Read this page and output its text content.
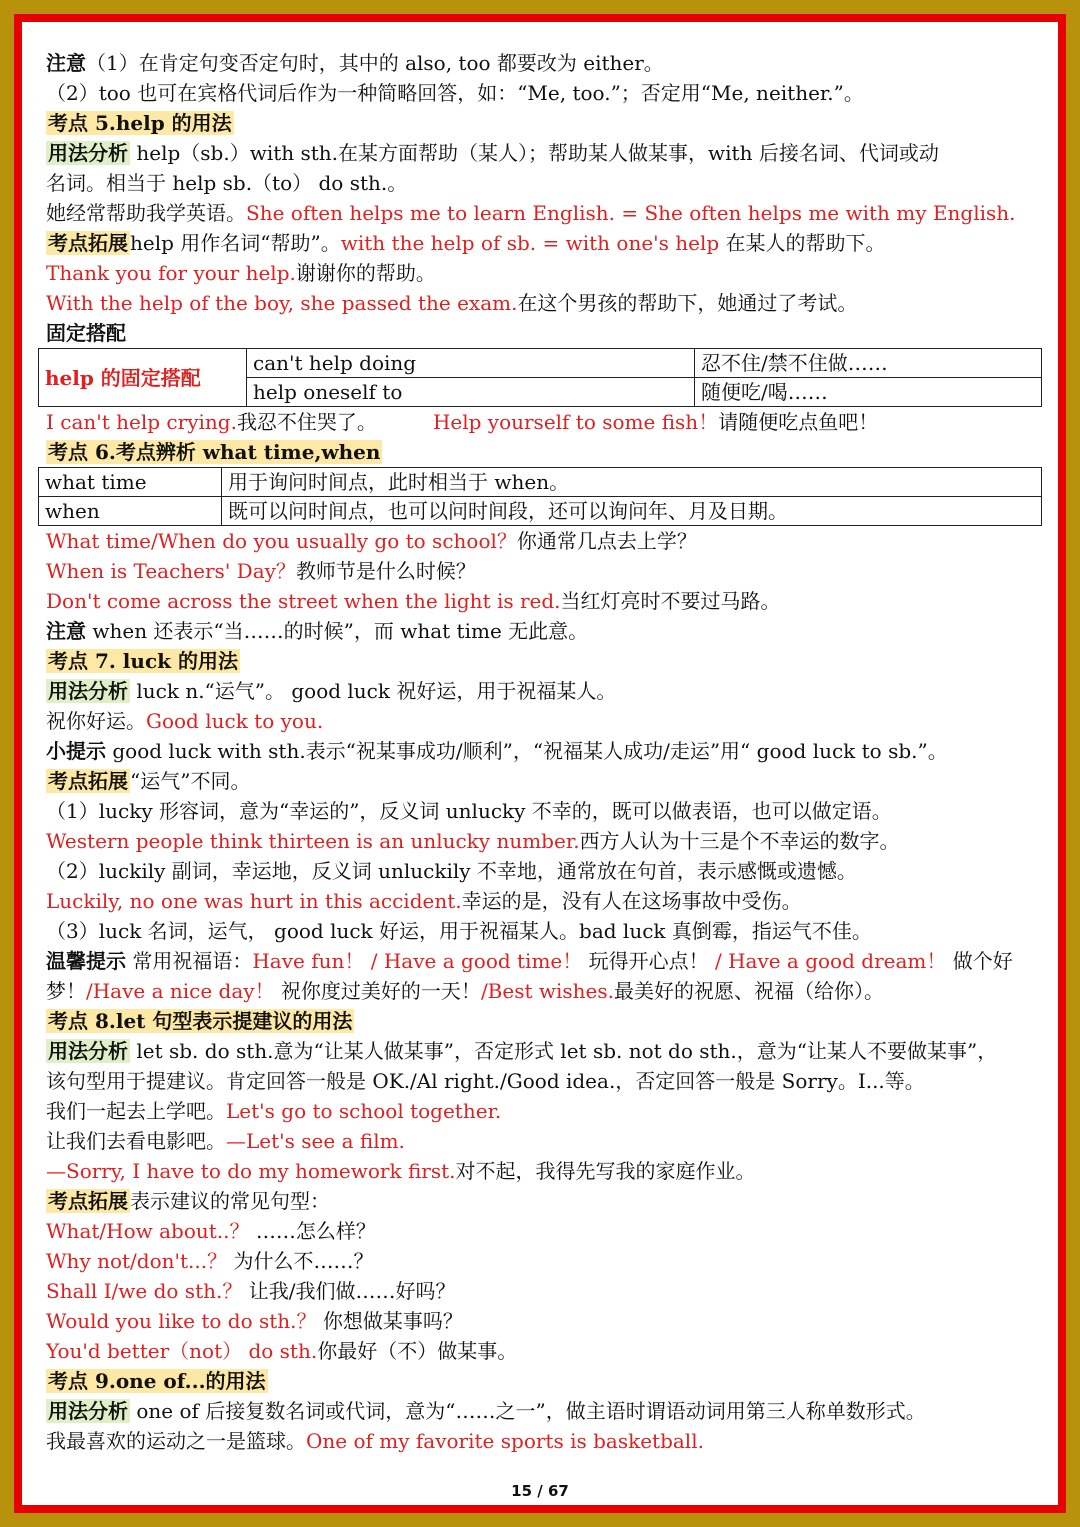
注意（1）在肯定句变否定句时，其中的 also, too 都要改为 either。
（2）too 也可在宾格代词后作为一种简略回答，如：“Me, too.”；否定用“Me, neither.”。
考点 5.help 的用法
用法分析 help（sb.）with sth.在某方面帮助（某人）；帮助某人做某事，with 后接名词、代词或动
名词。相当于 help sb.（to） do sth.。
她经常帮助我学英语。She often helps me to learn English. = She often helps me with my English.
考点拓展 help 用作名词“帮助”。with the help of sb. = with one's help 在某人的帮助下。
Thank you for your help.谢谢你的帮助。
With the help of the boy, she passed the exam.在这个男孩的帮助下，她通过了考试。
固定搭配
help 的固定搭配	can't help doing	忍不住/禁不住做……
	help oneself to	随便吃/喝……
I can't help crying.我忍不住哭了。	Help yourself to some fish！请随便吃点鱼吧！
考点 6.考点辨析 what time,when
what time	用于询问时间点，此时相当于 when。
when	既可以问时间点，也可以问时间段，还可以询问年、月及日期。
What time/When do you usually go to school？你通常几点去上学？
When is Teachers' Day？教师节是什么时候？
Don't come across the street when the light is red.当红灯亮时不要过马路。
注意 when 还表示“当……的时候”，而 what time 无此意。
考点 7. luck 的用法
用法分析 luck n.“运气”。 good luck 祝好运，用于祝福某人。
祝你好运。Good luck to you.
小提示 good luck with sth.表示“祝某事成功/顺利”，“祝福某人成功/走运”用“ good luck to sb.”。
考点拓展 “运气”不同。
（1）lucky 形容词，意为“幸运的”，反义词 unlucky 不幸的，既可以做表语，也可以做定语。
Western people think thirteen is an unlucky number.西方人认为十三是个不幸运的数字。
（2）luckily 副词，幸运地，反义词 unluckily 不幸地，通常放在句首，表示感慨或遗憾。
Luckily, no one was hurt in this accident.幸运的是，没有人在这场事故中受伤。
（3）luck 名词，运气， good luck 好运，用于祝福某人。bad luck 真倒霉，指运气不佳。
温馨提示 常用祝福语：Have fun！ / Have a good time！ 玩得开心点！ / Have a good dream！ 做个好
梦！/Have a nice day！ 祝你度过美好的一天！/Best wishes.最美好的祝愿、祝福（给你）。
考点 8.let 句型表示提建议的用法
用法分析 let sb. do sth.意为“让某人做某事”，否定形式 let sb. not do sth.，意为“让某人不要做某事”，
该句型用于提建议。肯定回答一般是 OK./Al right./Good idea.，否定回答一般是 Sorry。I...等。
我们一起去上学吧。Let's go to school together.
让我们去看电影吧。—Let's see a film.
—Sorry, I have to do my homework first.对不起，我得先写我的家庭作业。
考点拓展 表示建议的常见句型：
What/How about..？ ……怎么样？
Why not/don't...？ 为什么不……？
Shall I/we do sth.？ 让我/我们做……好吗？
Would you like to do sth.？ 你想做某事吗？
You'd better（not） do sth.你最好（不）做某事。
考点 9.one of...的用法
用法分析 one of 后接复数名词或代词，意为“……之一”，做主语时谓语动词用第三人称单数形式。
我最喜欢的运动之一是篮球。One of my favorite sports is basketball.
15 / 67
